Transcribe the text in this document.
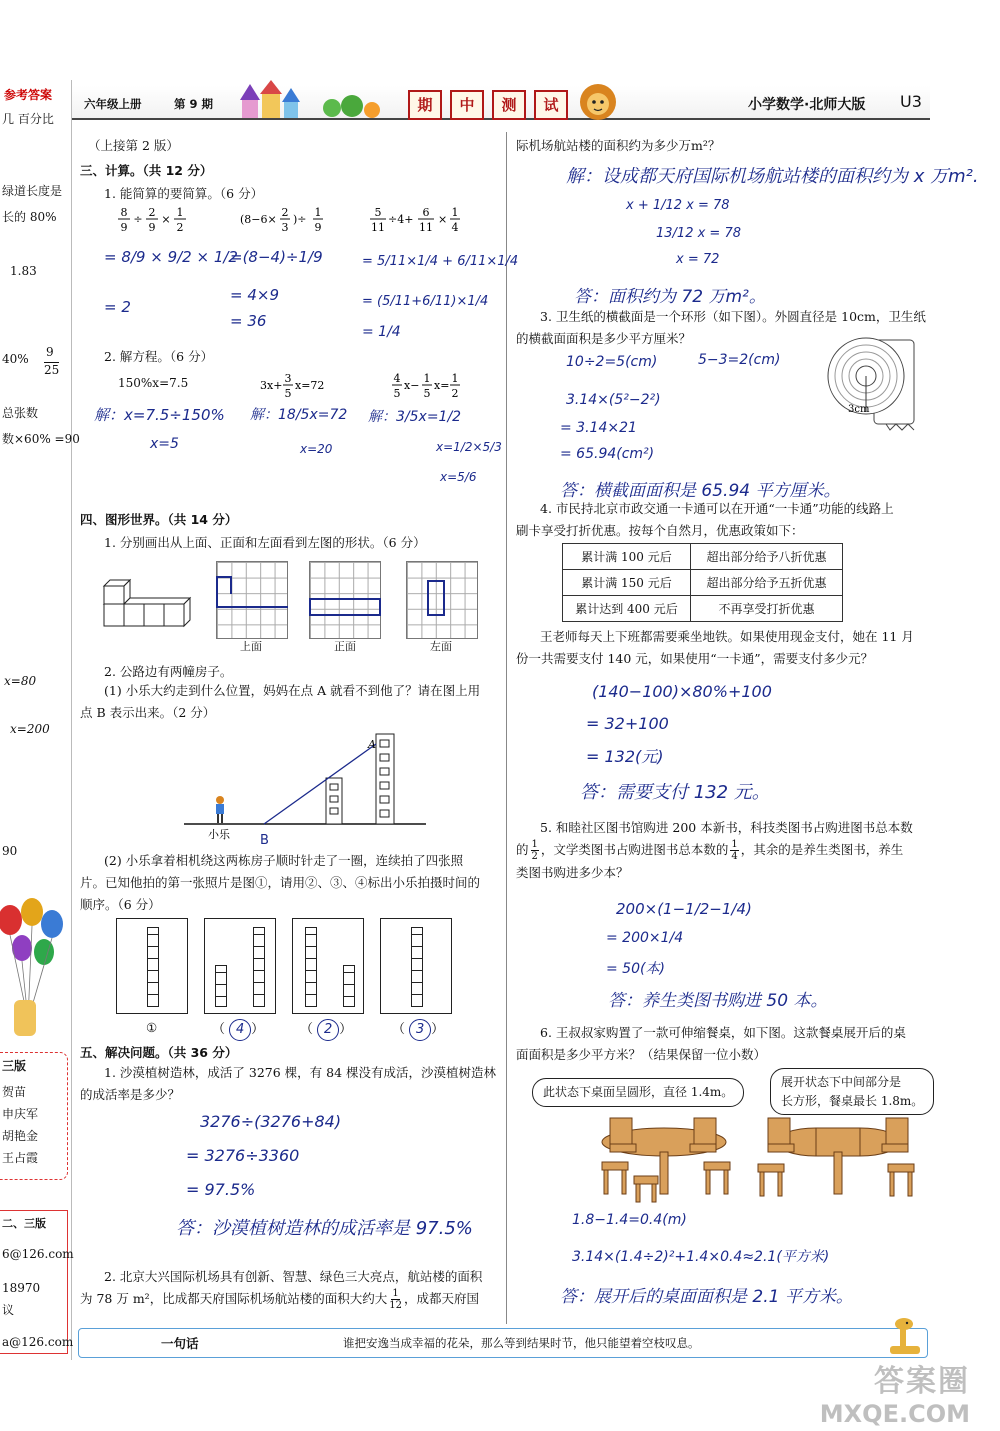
参考答案
几 百分比
绿道长度是
长的 80%
1.83
40% 9
25
总张数
数×60% =90
x=80
x=200
90
三版
贺苗
申庆军
胡艳金
王占霞
二、三版
6@126.com
18970
议
a@126.com
六年级上册	第 9 期	期	中	测	试	小学数学·北师大版 U3
（上接第 2 版）
三、计算。（共 12 分）
1. 能简算的要简算。（6 分）
8
9
÷
2
9
×
1
2
= 8/9 × 9/2 × 1/2
= 2
(8−6×
2
3
)÷
1
9
=(8−4)÷1/9
= 4×9
= 36
5
11
÷4+
6
11
×
1
4
= 5/11×1/4 + 6/11×1/4
= (5/11+6/11)×1/4
= 1/4
2. 解方程。（6 分）
150%x=7.5
解：x=7.5÷150%
x=5
3x+
3
5
x=72
解：18/5x=72
x=20
4
5
x−
1
5
x=
1
2
解：3/5x=1/2
x=1/2×5/3
x=5/6
四、图形世界。（共 14 分）
1. 分别画出从上面、正面和左面看到左图的形状。（6 分）
上面	正面	左面
2. 公路边有两幢房子。
(1) 小乐大约走到什么位置，妈妈在点 A 就看不到他了？请在图上用
点 B 表示出来。（2 分）
A
B
小乐
(2) 小乐拿着相机绕这两栋房子顺时针走了一圈，连续拍了四张照
片。已知他拍的第一张照片是图①，请用②、③、④标出小乐拍摄时间的
顺序。（6 分）
①	（ 4 ）	（ 2 ）	（ 3 ）
五、解决问题。（共 36 分）
1. 沙漠植树造林，成活了 3276 棵，有 84 棵没有成活，沙漠植树造林
的成活率是多少？
3276÷(3276+84)
= 3276÷3360
= 97.5%
答：沙漠植树造林的成活率是 97.5%
2. 北京大兴国际机场具有创新、智慧、绿色三大亮点，航站楼的面积
为 78 万 m²，比成都天府国际机场航站楼的面积大约大 $\frac{1}{12}$ ，成都天府国
际机场航站楼的面积约为多少万m²？
解：设成都天府国际机场航站楼的面积约为 x 万m².
x + 1/12 x = 78
13/12 x = 78
x = 72
答：面积约为 72 万m²。
3. 卫生纸的横截面是一个环形（如下图）。外圆直径是 10cm，卫生纸
的横截面面积是多少平方厘米？
3cm
10÷2=5(cm)	5−3=2(cm)
3.14×(5²−2²)
= 3.14×21
= 65.94(cm²)
答：横截面面积是 65.94 平方厘米。
4. 市民持北京市政交通一卡通可以在开通“一卡通”功能的线路上
刷卡享受打折优惠。按每个自然月，优惠政策如下：
累计满 100 元后	超出部分给予八折优惠
累计满 150 元后	超出部分给予五折优惠
累计达到 400 元后	不再享受打折优惠
王老师每天上下班都需要乘坐地铁。如果使用现金支付，她在 11 月
份一共需要支付 140 元，如果使用“一卡通”，需要支付多少元？
(140−100)×80%+100
= 32+100
= 132(元)
答：需要支付 132 元。
5. 和睦社区图书馆购进 200 本新书，科技类图书占购进图书总本数
的 $\frac{1}{2}$ ，文学类图书占购进图书总本数的 $\frac{1}{4}$ ，其余的是养生类图书，养生
类图书购进多少本？
200×(1−1/2−1/4)
= 200×1/4
= 50(本)
答：养生类图书购进 50 本。
6. 王叔叔家购置了一款可伸缩餐桌，如下图。这款餐桌展开后的桌
面面积是多少平方米？（结果保留一位小数）
此状态下桌面呈圆形，直径 1.4m。
展开状态下中间部分是
长方形，餐桌最长 1.8m。
1.8−1.4=0.4(m)
3.14×(1.4÷2)²+1.4×0.4≈2.1(平方米)
答：展开后的桌面面积是 2.1 平方米。
一句话	谁把安逸当成幸福的花朵，那么等到结果时节，他只能望着空枝叹息。
答案圈
MXQE.COM
